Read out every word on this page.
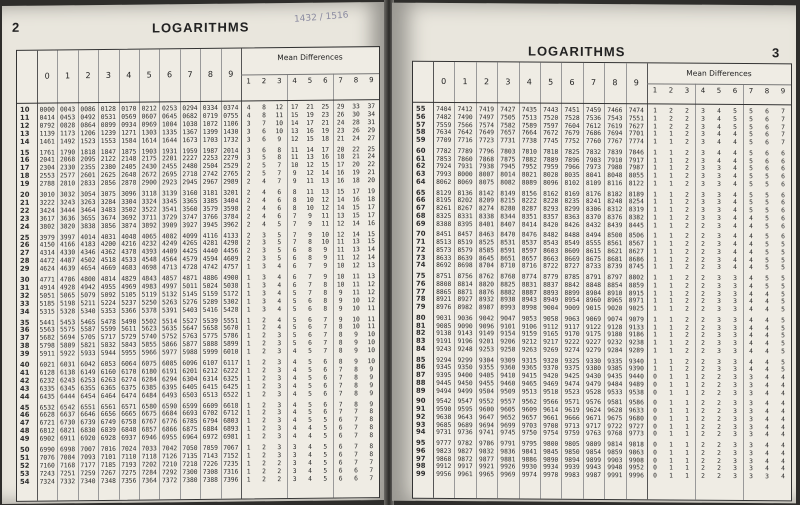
2	LOGARITHMS
1432 / 1516
0	1	2	3	4	5	6	7	8	9
Mean Differences
1	2	3	4	5	6	7	8	9
10	0000 0043 0086 0128 0170 0212 0253 0294 0334 0374	4	8	12	17	21	25	29	33	37
11	0414 0453 0492 0531 0569 0607 0645 0682 0719 0755	4	8	11	15	19	23	26	30	34
12	0792 0828 0864 0899 0934 0969 1004 1038 1072 1106	3	7	10	14	17	21	24	28	31
13	1139 1173 1206 1239 1271 1303 1335 1367 1399 1430	3	6	10	13	16	19	23	26	29
14	1461 1492 1523 1553 1584 1614 1644 1673 1703 1732	3	6	9	12	15	18	21	24	27
15	1761 1790 1818 1847 1875 1903 1931 1959 1987 2014	3	6	8	11	14	17	20	22	25
16	2041 2068 2095 2122 2148 2175 2201 2227 2253 2279	3	5	8	11	13	16	18	21	24
17	2304 2330 2355 2380 2405 2430 2455 2480 2504 2529	2	5	7	10	12	15	17	20	22
18	2553 2577 2601 2625 2648 2672 2695 2718 2742 2765	2	5	7	9	12	14	16	19	21
19	2788 2810 2833 2856 2878 2900 2923 2945 2967 2989	2	4	7	9	11	13	16	18	20
20	3010 3032 3054 3075 3096 3118 3139 3160 3181 3201	2	4	6	8	11	13	15	17	19
21	3222 3243 3263 3284 3304 3324 3345 3365 3385 3404	2	4	6	8	10	12	14	16	18
22	3424 3444 3464 3483 3502 3522 3541 3560 3579 3598	2	4	6	8	10	12	14	15	17
23	3617 3636 3655 3674 3692 3711 3729 3747 3766 3784	2	4	6	7	9	11	13	15	17
24	3802 3820 3838 3856 3874 3892 3909 3927 3945 3962	2	4	5	7	9	11	12	14	16
25	3979 3997 4014 4031 4048 4065 4082 4099 4116 4133	2	3	5	7	9	10	12	14	15
26	4150 4166 4183 4200 4216 4232 4249 4265 4281 4298	2	3	5	7	8	10	11	13	15
27	4314 4330 4346 4362 4378 4393 4409 4425 4440 4456	2	3	5	6	8	9	11	13	14
28	4472 4487 4502 4518 4533 4548 4564 4579 4594 4609	2	3	5	6	8	9	11	12	14
29	4624 4639 4654 4669 4683 4698 4713 4728 4742 4757	1	3	4	6	7	9	10	12	13
30	4771 4786 4800 4814 4829 4843 4857 4871 4886 4900	1	3	4	6	7	9	10	11	13
31	4914 4928 4942 4955 4969 4983 4997 5011 5024 5038	1	3	4	6	7	8	10	11	12
32	5051 5065 5079 5092 5105 5119 5132 5145 5159 5172	1	3	4	5	7	8	9	11	12
33	5185 5198 5211 5224 5237 5250 5263 5276 5289 5302	1	3	4	5	6	8	9	10	12
34	5315 5328 5340 5353 5366 5378 5391 5403 5416 5428	1	3	4	5	6	8	9	10	11
35	5441 5453 5465 5478 5490 5502 5514 5527 5539 5551	1	2	4	5	6	7	9	10	11
36	5563 5575 5587 5599 5611 5623 5635 5647 5658 5670	1	2	4	5	6	7	8	10	11
37	5682 5694 5705 5717 5729 5740 5752 5763 5775 5786	1	2	3	5	6	7	8	9	10
38	5798 5809 5821 5832 5843 5855 5866 5877 5888 5899	1	2	3	5	6	7	8	9	10
39	5911 5922 5933 5944 5955 5966 5977 5988 5999 6010	1	2	3	4	5	7	8	9	10
40	6021 6031 6042 6053 6064 6075 6085 6096 6107 6117	1	2	3	4	5	6	8	9	10
41	6128 6138 6149 6160 6170 6180 6191 6201 6212 6222	1	2	3	4	5	6	7	8	9
42	6232 6243 6253 6263 6274 6284 6294 6304 6314 6325	1	2	3	4	5	6	7	8	9
43	6335 6345 6355 6365 6375 6385 6395 6405 6415 6425	1	2	3	4	5	6	7	8	9
44	6435 6444 6454 6464 6474 6484 6493 6503 6513 6522	1	2	3	4	5	6	7	8	9
45	6532 6542 6551 6561 6571 6580 6590 6599 6609 6618	1	2	3	4	5	6	7	8	9
46	6628 6637 6646 6656 6665 6675 6684 6693 6702 6712	1	2	3	4	5	6	7	7	8
47	6721 6730 6739 6749 6758 6767 6776 6785 6794 6803	1	2	3	4	5	5	6	7	8
48	6812 6821 6830 6839 6848 6857 6866 6875 6884 6893	1	2	3	4	4	5	6	7	8
49	6902 6911 6920 6928 6937 6946 6955 6964 6972 6981	1	2	3	4	4	5	6	7	8
50	6990 6998 7007 7016 7024 7033 7042 7050 7059 7067	1	2	3	3	4	5	6	7	8
51	7076 7084 7093 7101 7110 7118 7126 7135 7143 7152	1	2	3	3	4	5	6	7	8
52	7160 7168 7177 7185 7193 7202 7210 7218 7226 7235	1	2	2	3	4	5	6	7	7
53	7243 7251 7259 7267 7275 7284 7292 7300 7308 7316	1	2	2	3	4	5	6	6	7
54	7324 7332 7340 7348 7356 7364 7372 7380 7388 7396	1	2	2	3	4	5	6	6	7
LOGARITHMS	3
0	1	2	3	4	5	6	7	8	9
Mean Differences
1	2	3	4	5	6	7	8	9
55	7404 7412 7419 7427 7435 7443 7451 7459 7466 7474	1	2	2	3	4	5	5	6	7
56	7482 7490 7497 7505 7513 7520 7528 7536 7543 7551	1	2	2	3	4	5	5	6	7
57	7559 7566 7574 7582 7589 7597 7604 7612 7619 7627	1	2	2	3	4	5	5	6	7
58	7634 7642 7649 7657 7664 7672 7679 7686 7694 7701	1	1	2	3	4	4	5	6	7
59	7709 7716 7723 7731 7738 7745 7752 7760 7767 7774	1	1	2	3	4	4	5	6	7
60	7782 7789 7796 7803 7810 7818 7825 7832 7839 7846	1	1	2	3	4	4	5	6	6
61	7853 7860 7868 7875 7882 7889 7896 7903 7910 7917	1	1	2	3	4	4	5	6	6
62	7924 7931 7938 7945 7952 7959 7966 7973 7980 7987	1	1	2	3	3	4	5	6	6
63	7993 8000 8007 8014 8021 8028 8035 8041 8048 8055	1	1	2	3	3	4	5	5	6
64	8062 8069 8075 8082 8089 8096 8102 8109 8116 8122	1	1	2	3	3	4	5	5	6
65	8129 8136 8142 8149 8156 8162 8169 8176 8182 8189	1	1	2	3	3	4	5	5	6
66	8195 8202 8209 8215 8222 8228 8235 8241 8248 8254	1	1	2	3	3	4	5	5	6
67	8261 8267 8274 8280 8287 8293 8299 8306 8312 8319	1	1	2	3	3	4	5	5	6
68	8325 8331 8338 8344 8351 8357 8363 8370 8376 8382	1	1	2	3	3	4	4	5	6
69	8388 8395 8401 8407 8414 8420 8426 8432 8439 8445	1	1	2	2	3	4	4	5	6
70	8451 8457 8463 8470 8476 8482 8488 8494 8500 8506	1	1	2	2	3	4	4	5	6
71	8513 8519 8525 8531 8537 8543 8549 8555 8561 8567	1	1	2	2	3	4	4	5	5
72	8573 8579 8585 8591 8597 8603 8609 8615 8621 8627	1	1	2	2	3	4	4	5	5
73	8633 8639 8645 8651 8657 8663 8669 8675 8681 8686	1	1	2	2	3	4	4	5	5
74	8692 8698 8704 8710 8716 8722 8727 8733 8739 8745	1	1	2	2	3	4	4	5	5
75	8751 8756 8762 8768 8774 8779 8785 8791 8797 8802	1	1	2	2	3	3	4	5	5
76	8808 8814 8820 8825 8831 8837 8842 8848 8854 8859	1	1	2	2	3	3	4	5	5
77	8865 8871 8876 8882 8887 8893 8899 8904 8910 8915	1	1	2	2	3	3	4	4	5
78	8921 8927 8932 8938 8943 8949 8954 8960 8965 8971	1	1	2	2	3	3	4	4	5
79	8976 8982 8987 8993 8998 9004 9009 9015 9020 9025	1	1	2	2	3	3	4	4	5
80	9031 9036 9042 9047 9053 9058 9063 9069 9074 9079	1	1	2	2	3	3	4	4	5
81	9085 9090 9096 9101 9106 9112 9117 9122 9128 9133	1	1	2	2	3	3	4	4	5
82	9138 9143 9149 9154 9159 9165 9170 9175 9180 9186	1	1	2	2	3	3	4	4	5
83	9191 9196 9201 9206 9212 9217 9222 9227 9232 9238	1	1	2	2	3	3	4	4	5
84	9243 9248 9253 9258 9263 9269 9274 9279 9284 9289	1	1	2	2	3	3	4	4	5
85	9294 9299 9304 9309 9315 9320 9325 9330 9335 9340	1	1	2	2	3	3	4	4	5
86	9345 9350 9355 9360 9365 9370 9375 9380 9385 9390	1	1	2	2	3	3	4	4	5
87	9395 9400 9405 9410 9415 9420 9425 9430 9435 9440	0	1	1	2	2	3	3	4	4
88	9445 9450 9455 9460 9465 9469 9474 9479 9484 9489	0	1	1	2	2	3	3	4	4
89	9494 9499 9504 9509 9513 9518 9523 9528 9533 9538	0	1	1	2	2	3	3	4	4
90	9542 9547 9552 9557 9562 9566 9571 9576 9581 9586	0	1	1	2	2	3	3	4	4
91	9590 9595 9600 9605 9609 9614 9619 9624 9628 9633	0	1	1	2	2	3	3	4	4
92	9638 9643 9647 9652 9657 9661 9666 9671 9675 9680	0	1	1	2	2	3	3	4	4
93	9685 9689 9694 9699 9703 9708 9713 9717 9722 9727	0	1	1	2	2	3	3	4	4
94	9731 9736 9741 9745 9750 9754 9759 9763 9768 9773	0	1	1	2	2	3	3	4	4
95	9777 9782 9786 9791 9795 9800 9805 9809 9814 9818	0	1	1	2	2	3	3	4	4
96	9823 9827 9832 9836 9841 9845 9850 9854 9859 9863	0	1	1	2	2	3	3	4	4
97	9868 9872 9877 9881 9886 9890 9894 9899 9903 9908	0	1	1	2	2	3	3	4	4
98	9912 9917 9921 9926 9930 9934 9939 9943 9948 9952	0	1	1	2	2	3	3	4	4
99	9956 9961 9965 9969 9974 9978 9983 9987 9991 9996	0	1	1	2	2	3	3	3	4
